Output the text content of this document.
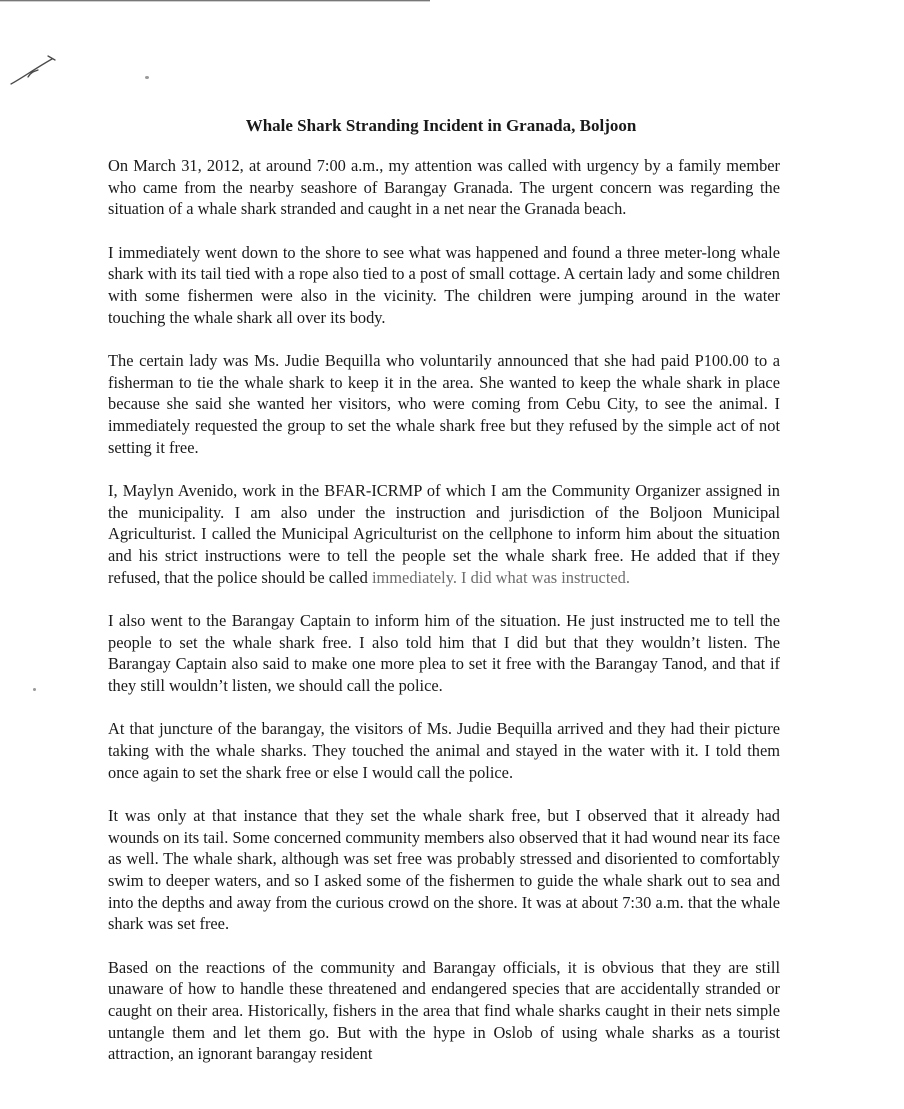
Whale Shark Stranding Incident in Granada, Boljoon

On March 31, 2012, at around 7:00 a.m., my attention was called with urgency by a family member who came from the nearby seashore of Barangay Granada. The urgent concern was regarding the situation of a whale shark stranded and caught in a net near the Granada beach.

I immediately went down to the shore to see what was happened and found a three meter-long whale shark with its tail tied with a rope also tied to a post of small cottage. A certain lady and some children with some fishermen were also in the vicinity. The children were jumping around in the water touching the whale shark all over its body.

The certain lady was Ms. Judie Bequilla who voluntarily announced that she had paid P100.00 to a fisherman to tie the whale shark to keep it in the area. She wanted to keep the whale shark in place because she said she wanted her visitors, who were coming from Cebu City, to see the animal. I immediately requested the group to set the whale shark free but they refused by the simple act of not setting it free.

I, Maylyn Avenido, work in the BFAR-ICRMP of which I am the Community Organizer assigned in the municipality. I am also under the instruction and jurisdiction of the Boljoon Municipal Agriculturist. I called the Municipal Agriculturist on the cellphone to inform him about the situation and his strict instructions were to tell the people set the whale shark free. He added that if they refused, that the police should be called immediately. I did what was instructed.

I also went to the Barangay Captain to inform him of the situation. He just instructed me to tell the people to set the whale shark free. I also told him that I did but that they wouldn’t listen. The Barangay Captain also said to make one more plea to set it free with the Barangay Tanod, and that if they still wouldn’t listen, we should call the police.

At that juncture of the barangay, the visitors of Ms. Judie Bequilla arrived and they had their picture taking with the whale sharks. They touched the animal and stayed in the water with it. I told them once again to set the shark free or else I would call the police.

It was only at that instance that they set the whale shark free, but I observed that it already had wounds on its tail. Some concerned community members also observed that it had wound near its face as well. The whale shark, although was set free was probably stressed and disoriented to comfortably swim to deeper waters, and so I asked some of the fishermen to guide the whale shark out to sea and into the depths and away from the curious crowd on the shore. It was at about 7:30 a.m. that the whale shark was set free.

Based on the reactions of the community and Barangay officials, it is obvious that they are still unaware of how to handle these threatened and endangered species that are accidentally stranded or caught on their area. Historically, fishers in the area that find whale sharks caught in their nets simple untangle them and let them go. But with the hype in Oslob of using whale sharks as a tourist attraction, an ignorant barangay resident
